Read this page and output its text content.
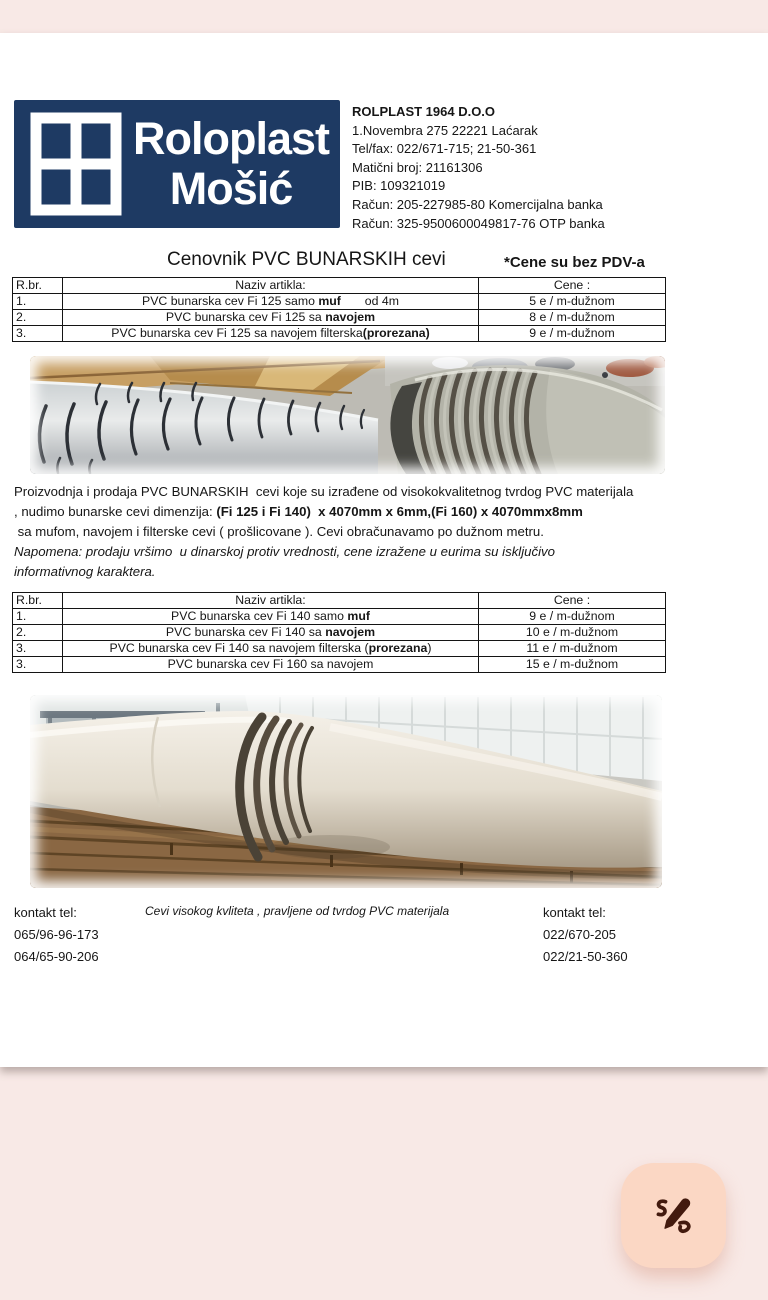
Roloplast
Mošić
ROLPLAST 1964 D.O.O
1.Novembra 275 22221 Laćarak
Tel/fax: 022/671-715; 21-50-361
Matični broj: 21161306
PIB: 109321019
Račun: 205-227985-80 Komercijalna banka
Račun: 325-9500600049817-76 OTP banka
Cenovnik PVC BUNARSKIH cevi	*Cene su bez PDV-a
R.br.	Naziv artikla:	Cene :
1.	PVC bunarska cev Fi 125 samo muf       od 4m	5 e / m-dužnom
2.	PVC bunarska cev Fi 125 sa navojem	8 e / m-dužnom
3.	PVC bunarska cev Fi 125 sa navojem filterska(prorezana)	9 e / m-dužnom
Proizvodnja i prodaja PVC BUNARSKIH  cevi koje su izrađene od visokokvalitetnog tvrdog PVC materijala
, nudimo bunarske cevi dimenzija: (Fi 125 i Fi 140)  x 4070mm x 6mm,(Fi 160) x 4070mmx8mm
sa mufom, navojem i filterske cevi ( prošlicovane ). Cevi obračunavamo po dužnom metru.
Napomena: prodaju vršimo  u dinarskoj protiv vrednosti, cene izražene u eurima su isključivo
informativnog karaktera.
R.br.	Naziv artikla:	Cene :
1.	PVC bunarska cev Fi 140 samo muf	9 e / m-dužnom
2.	PVC bunarska cev Fi 140 sa navojem	10 e / m-dužnom
3.	PVC bunarska cev Fi 140 sa navojem filterska (prorezana)	11 e / m-dužnom
3.	PVC bunarska cev Fi 160 sa navojem	15 e / m-dužnom
kontakt tel:
065/96-96-173
064/65-90-206
Cevi visokog kvliteta , pravljene od tvrdog PVC materijala	kontakt tel:
022/670-205
022/21-50-360
